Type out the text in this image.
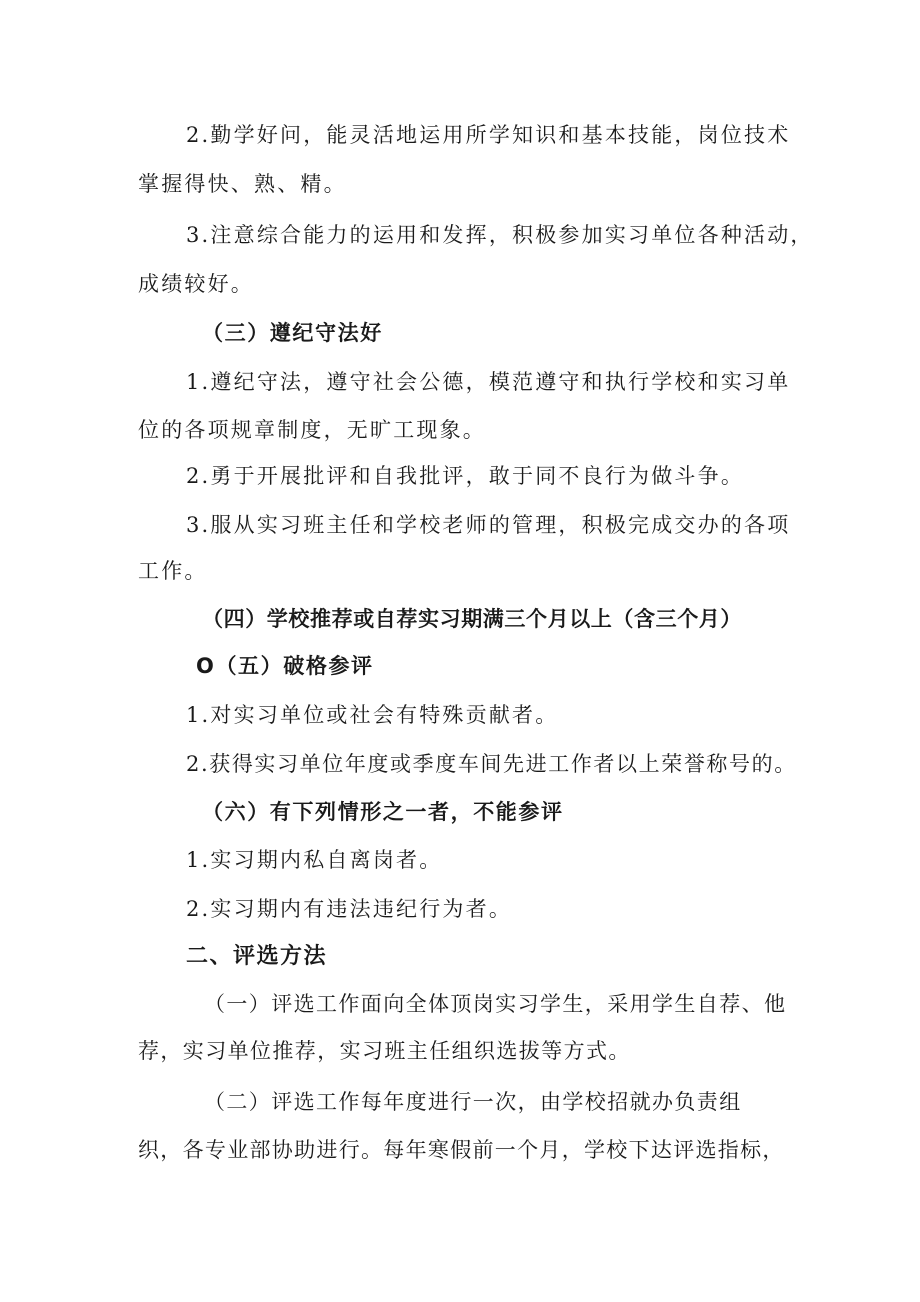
2.勤学好问，能灵活地运用所学知识和基本技能，岗位技术
掌握得快、熟、精。
3.注意综合能力的运用和发挥，积极参加实习单位各种活动，
成绩较好。
（三）遵纪守法好
1.遵纪守法，遵守社会公德，模范遵守和执行学校和实习单
位的各项规章制度，无旷工现象。
2.勇于开展批评和自我批评，敢于同不良行为做斗争。
3.服从实习班主任和学校老师的管理，积极完成交办的各项
工作。
（四）学校推荐或自荐实习期满三个月以上（含三个月）
O（五）破格参评
1.对实习单位或社会有特殊贡献者。
2.获得实习单位年度或季度车间先进工作者以上荣誉称号的。
（六）有下列情形之一者，不能参评
1.实习期内私自离岗者。
2.实习期内有违法违纪行为者。
二、评选方法
（一）评选工作面向全体顶岗实习学生，采用学生自荐、他
荐，实习单位推荐，实习班主任组织选拔等方式。
（二）评选工作每年度进行一次，由学校招就办负责组
织，各专业部协助进行。每年寒假前一个月，学校下达评选指标，
